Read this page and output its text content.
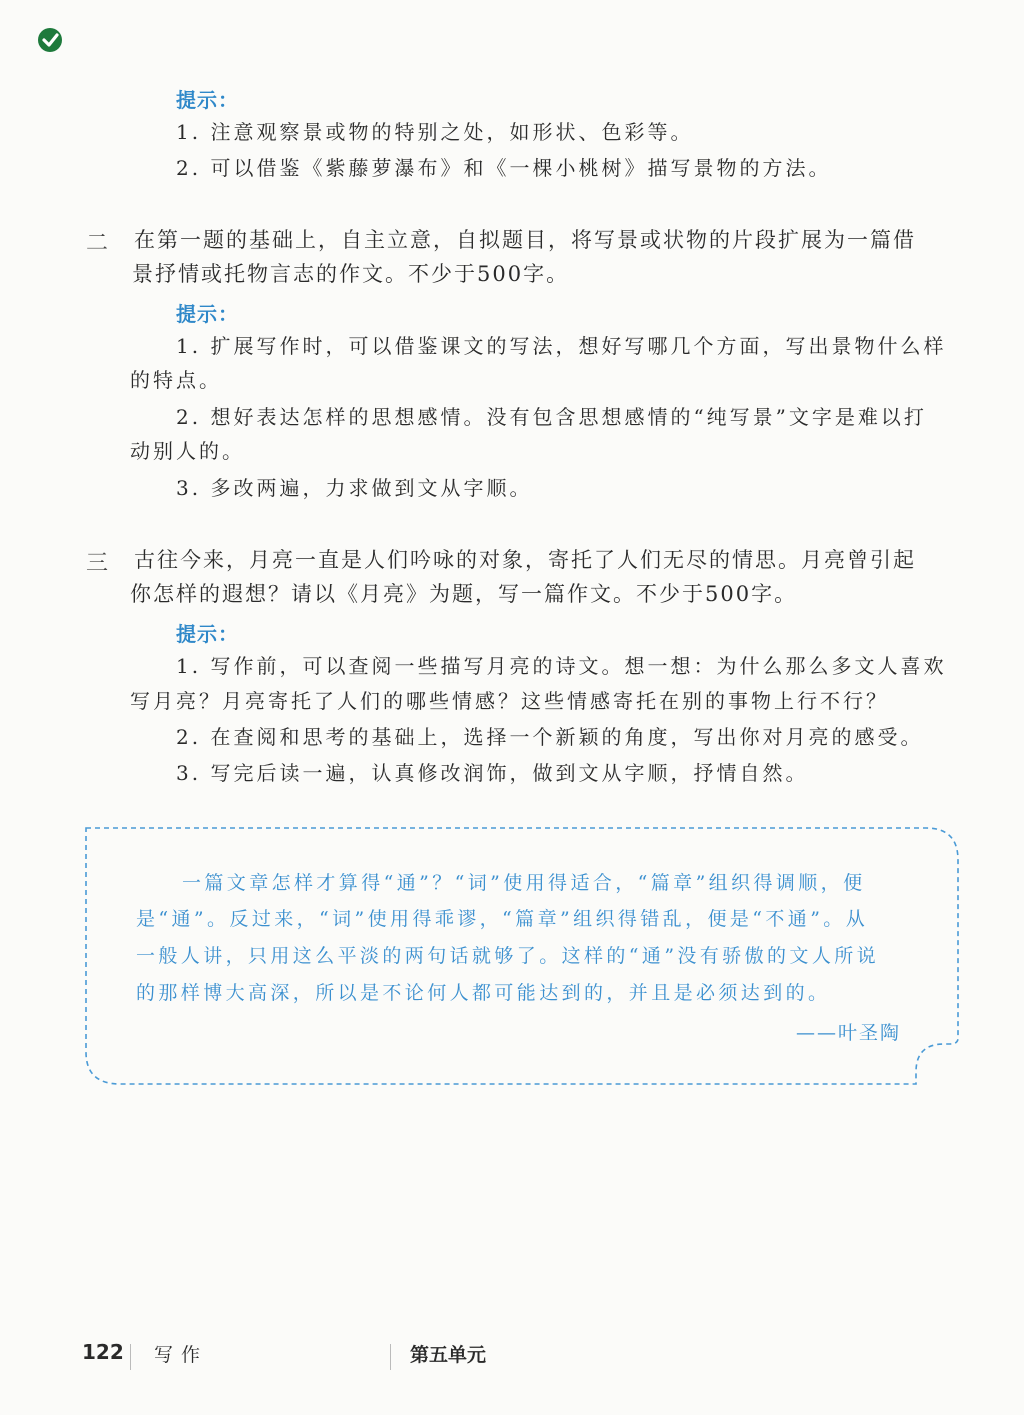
提示：
1. 注意观察景或物的特别之处，如形状、色彩等。
2. 可以借鉴《紫藤萝瀑布》和《一棵小桃树》描写景物的方法。
二 在第一题的基础上，自主立意，自拟题目，将写景或状物的片段扩展为一篇借
景抒情或托物言志的作文。不少于500字。
提示：
1. 扩展写作时，可以借鉴课文的写法，想好写哪几个方面，写出景物什么样
的特点。
2. 想好表达怎样的思想感情。没有包含思想感情的“纯写景”文字是难以打
动别人的。
3. 多改两遍，力求做到文从字顺。
三 古往今来，月亮一直是人们吟咏的对象，寄托了人们无尽的情思。月亮曾引起
你怎样的遐想？请以《月亮》为题，写一篇作文。不少于500字。
提示：
1. 写作前，可以查阅一些描写月亮的诗文。想一想：为什么那么多文人喜欢
写月亮？月亮寄托了人们的哪些情感？这些情感寄托在别的事物上行不行？
2. 在查阅和思考的基础上，选择一个新颖的角度，写出你对月亮的感受。
3. 写完后读一遍，认真修改润饰，做到文从字顺，抒情自然。
一篇文章怎样才算得“通”？“词”使用得适合，“篇章”组织得调顺，便
是“通”。反过来，“词”使用得乖谬，“篇章”组织得错乱，便是“不通”。从
一般人讲，只用这么平淡的两句话就够了。这样的“通”没有骄傲的文人所说
的那样博大高深，所以是不论何人都可能达到的，并且是必须达到的。
——叶圣陶
122 写作	第五单元
